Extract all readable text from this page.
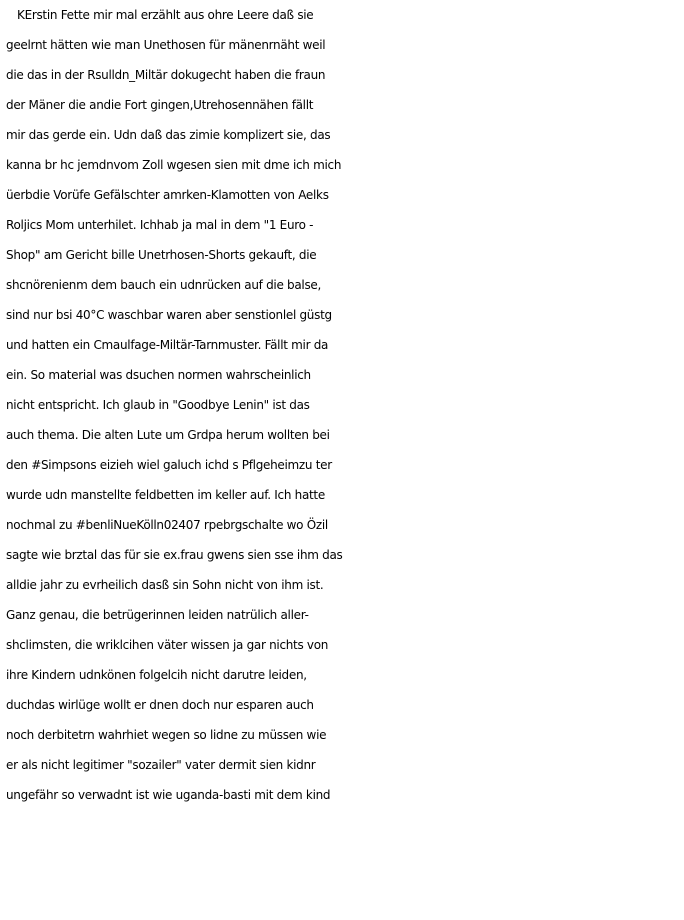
KErstin Fette mir mal erzählt aus ohre Leere daß sie
geelrnt hätten wie man Unethosen für mänenrnäht weil
die das in der Rsulldn_Miltär dokugecht haben die fraun
der Mäner die andie Fort gingen,Utrehosennähen fällt
mir das gerde ein. Udn daß das zimie komplizert sie, das
kanna br hc jemdnvom Zoll wgesen sien mit dme ich mich
üerbdie Vorüfe Gefälschter amrken-Klamotten von Aelks
Roljics Mom unterhilet. Ichhab ja mal in dem "1 Euro -
Shop" am Gericht bille Unetrhosen-Shorts gekauft, die
shcnörenienm dem bauch ein udnrücken auf die balse,
sind nur bsi 40°C waschbar waren aber senstionlel güstg
und hatten ein Cmaulfage-Miltär-Tarnmuster. Fällt mir da
ein. So material was dsuchen normen wahrscheinlich
nicht entspricht. Ich glaub in "Goodbye Lenin" ist das
auch thema. Die alten Lute um Grdpa herum wollten bei
den #Simpsons eizieh wiel galuch ichd s Pflgeheimzu ter
wurde udn manstellte feldbetten im keller auf. Ich hatte
nochmal zu #benliNueKölln02407 rpebrgschalte wo Özil
sagte wie brztal das für sie ex.frau gwens sien sse ihm das
alldie jahr zu evrheilich dasß sin Sohn nicht von ihm ist.
Ganz genau, die betrügerinnen leiden natrülich aller-
shclimsten, die wriklcihen väter wissen ja gar nichts von
ihre Kindern udnkönen folgelcih nicht darutre leiden,
duchdas wirlüge wollt er dnen doch nur esparen auch
noch derbitetrn wahrhiet wegen so lidne zu müssen wie
er als nicht legitimer "sozailer" vater dermit sien kidnr
ungefähr so verwadnt ist wie uganda-basti mit dem kind
